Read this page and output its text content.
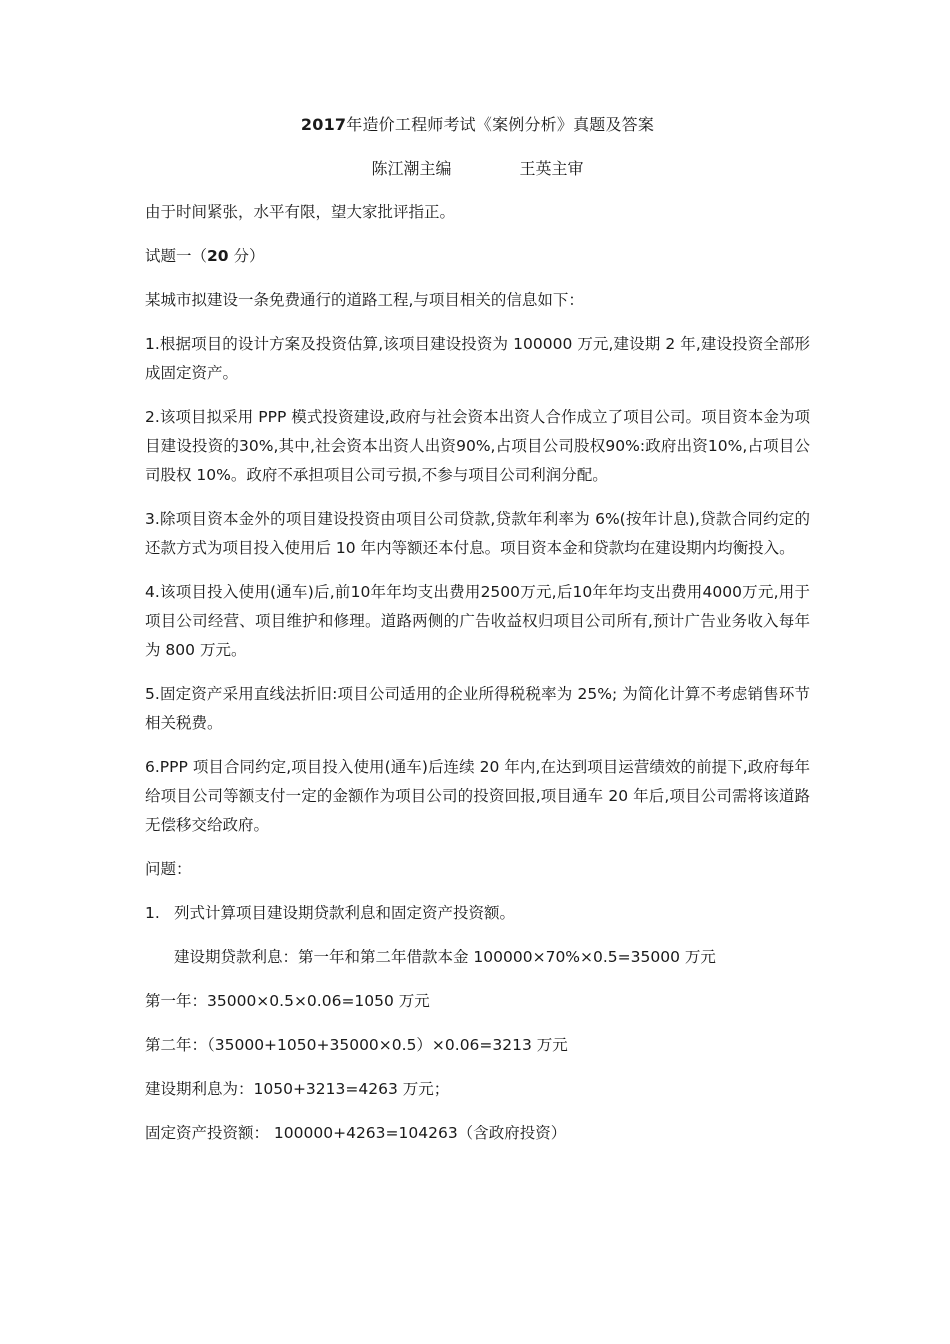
2017年造价工程师考试《案例分析》真题及答案
陈江潮主编	王英主审

由于时间紧张，水平有限，望大家批评指正。

试题一（20 分）

某城市拟建设一条免费通行的道路工程,与项目相关的信息如下：

1.根据项目的设计方案及投资估算,该项目建设投资为 100000 万元,建设期 2 年,建设投资全部形成固定资产。

2.该项目拟采用 PPP 模式投资建设,政府与社会资本出资人合作成立了项目公司。项目资本金为项目建设投资的30%,其中,社会资本出资人出资90%,占项目公司股权90%:政府出资10%,占项目公司股权 10%。政府不承担项目公司亏损,不参与项目公司利润分配。

3.除项目资本金外的项目建设投资由项目公司贷款,贷款年利率为 6%(按年计息),贷款合同约定的还款方式为项目投入使用后 10 年内等额还本付息。项目资本金和贷款均在建设期内均衡投入。

4.该项目投入使用(通车)后,前10年年均支出费用2500万元,后10年年均支出费用4000万元,用于项目公司经营、项目维护和修理。道路两侧的广告收益权归项目公司所有,预计广告业务收入每年为 800 万元。

5.固定资产采用直线法折旧:项目公司适用的企业所得税税率为 25%; 为简化计算不考虑销售环节相关税费。

6.PPP 项目合同约定,项目投入使用(通车)后连续 20 年内,在达到项目运营绩效的前提下,政府每年给项目公司等额支付一定的金额作为项目公司的投资回报,项目通车 20 年后,项目公司需将该道路无偿移交给政府。

问题：

1. 列式计算项目建设期贷款利息和固定资产投资额。

建设期贷款利息：第一年和第二年借款本金 100000×70%×0.5=35000 万元

第一年：35000×0.5×0.06=1050 万元

第二年：（35000+1050+35000×0.5）×0.06=3213 万元

建设期利息为：1050+3213=4263 万元；

固定资产投资额： 100000+4263=104263（含政府投资）
